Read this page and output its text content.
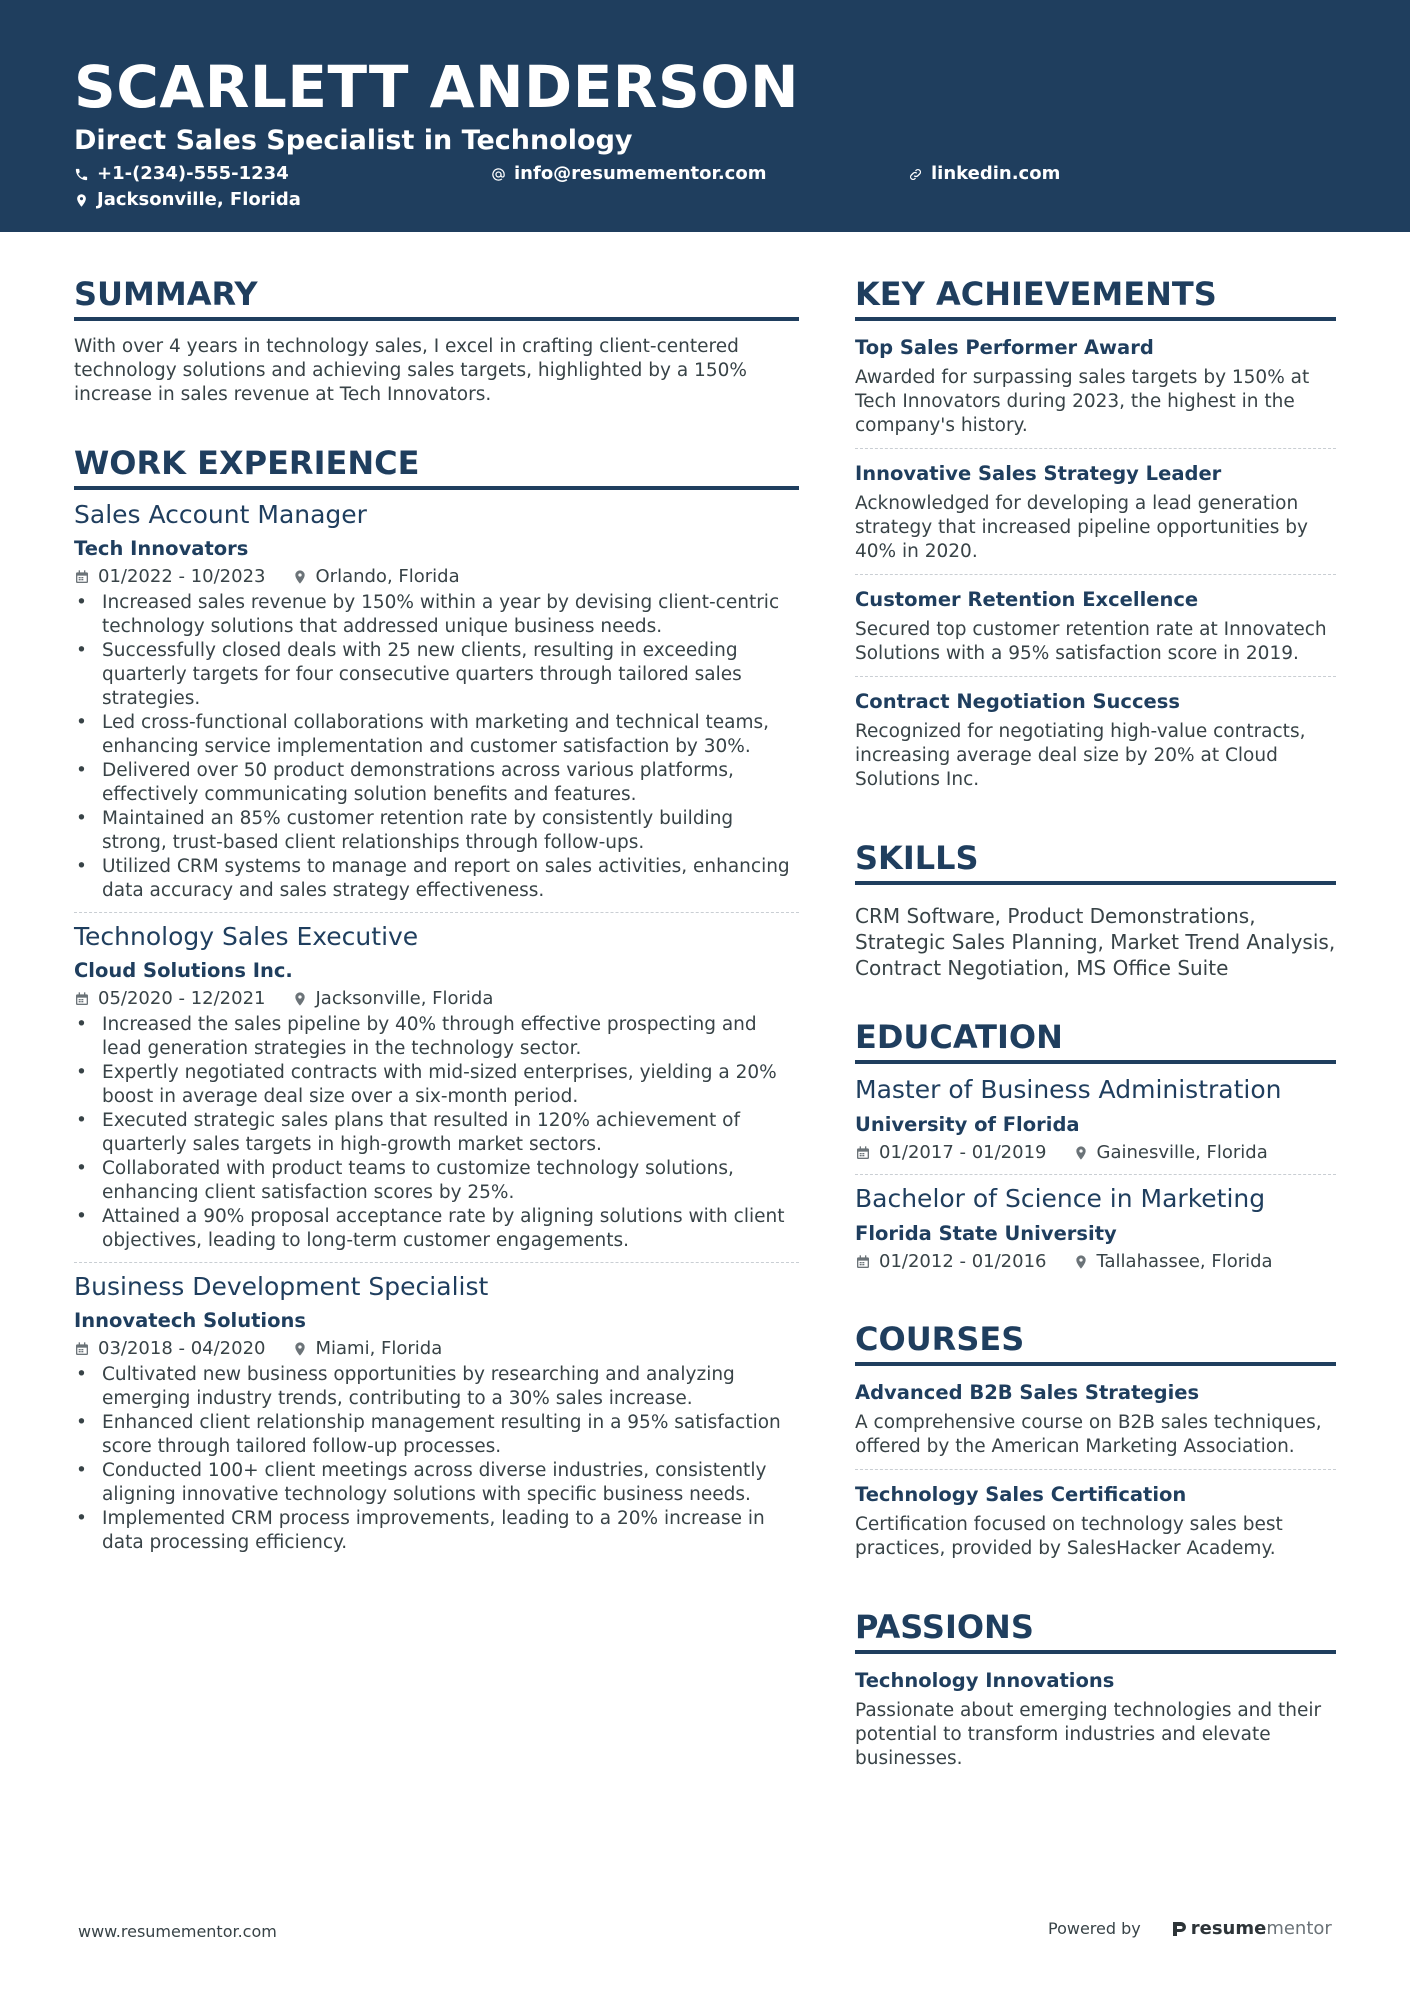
SCARLETT ANDERSON
Direct Sales Specialist in Technology
+1-(234)-555-1234	info@resumementor.com	linkedin.com
Jacksonville, Florida
SUMMARY
With over 4 years in technology sales, I excel in crafting client-centered technology solutions and achieving sales targets, highlighted by a 150% increase in sales revenue at Tech Innovators.
WORK EXPERIENCE
Sales Account Manager
Tech Innovators
01/2022 - 10/2023	Orlando, Florida
• Increased sales revenue by 150% within a year by devising client-centric technology solutions that addressed unique business needs.
• Successfully closed deals with 25 new clients, resulting in exceeding quarterly targets for four consecutive quarters through tailored sales strategies.
• Led cross-functional collaborations with marketing and technical teams, enhancing service implementation and customer satisfaction by 30%.
• Delivered over 50 product demonstrations across various platforms, effectively communicating solution benefits and features.
• Maintained an 85% customer retention rate by consistently building strong, trust-based client relationships through follow-ups.
• Utilized CRM systems to manage and report on sales activities, enhancing data accuracy and sales strategy effectiveness.
Technology Sales Executive
Cloud Solutions Inc.
05/2020 - 12/2021	Jacksonville, Florida
• Increased the sales pipeline by 40% through effective prospecting and lead generation strategies in the technology sector.
• Expertly negotiated contracts with mid-sized enterprises, yielding a 20% boost in average deal size over a six-month period.
• Executed strategic sales plans that resulted in 120% achievement of quarterly sales targets in high-growth market sectors.
• Collaborated with product teams to customize technology solutions, enhancing client satisfaction scores by 25%.
• Attained a 90% proposal acceptance rate by aligning solutions with client objectives, leading to long-term customer engagements.
Business Development Specialist
Innovatech Solutions
03/2018 - 04/2020	Miami, Florida
• Cultivated new business opportunities by researching and analyzing emerging industry trends, contributing to a 30% sales increase.
• Enhanced client relationship management resulting in a 95% satisfaction score through tailored follow-up processes.
• Conducted 100+ client meetings across diverse industries, consistently aligning innovative technology solutions with specific business needs.
• Implemented CRM process improvements, leading to a 20% increase in data processing efficiency.
KEY ACHIEVEMENTS
Top Sales Performer Award
Awarded for surpassing sales targets by 150% at Tech Innovators during 2023, the highest in the company's history.
Innovative Sales Strategy Leader
Acknowledged for developing a lead generation strategy that increased pipeline opportunities by 40% in 2020.
Customer Retention Excellence
Secured top customer retention rate at Innovatech Solutions with a 95% satisfaction score in 2019.
Contract Negotiation Success
Recognized for negotiating high-value contracts, increasing average deal size by 20% at Cloud Solutions Inc.
SKILLS
CRM Software, Product Demonstrations, Strategic Sales Planning, Market Trend Analysis, Contract Negotiation, MS Office Suite
EDUCATION
Master of Business Administration
University of Florida
01/2017 - 01/2019	Gainesville, Florida
Bachelor of Science in Marketing
Florida State University
01/2012 - 01/2016	Tallahassee, Florida
COURSES
Advanced B2B Sales Strategies
A comprehensive course on B2B sales techniques, offered by the American Marketing Association.
Technology Sales Certification
Certification focused on technology sales best practices, provided by SalesHacker Academy.
PASSIONS
Technology Innovations
Passionate about emerging technologies and their potential to transform industries and elevate businesses.
www.resumementor.com	Powered by	resume mentor
